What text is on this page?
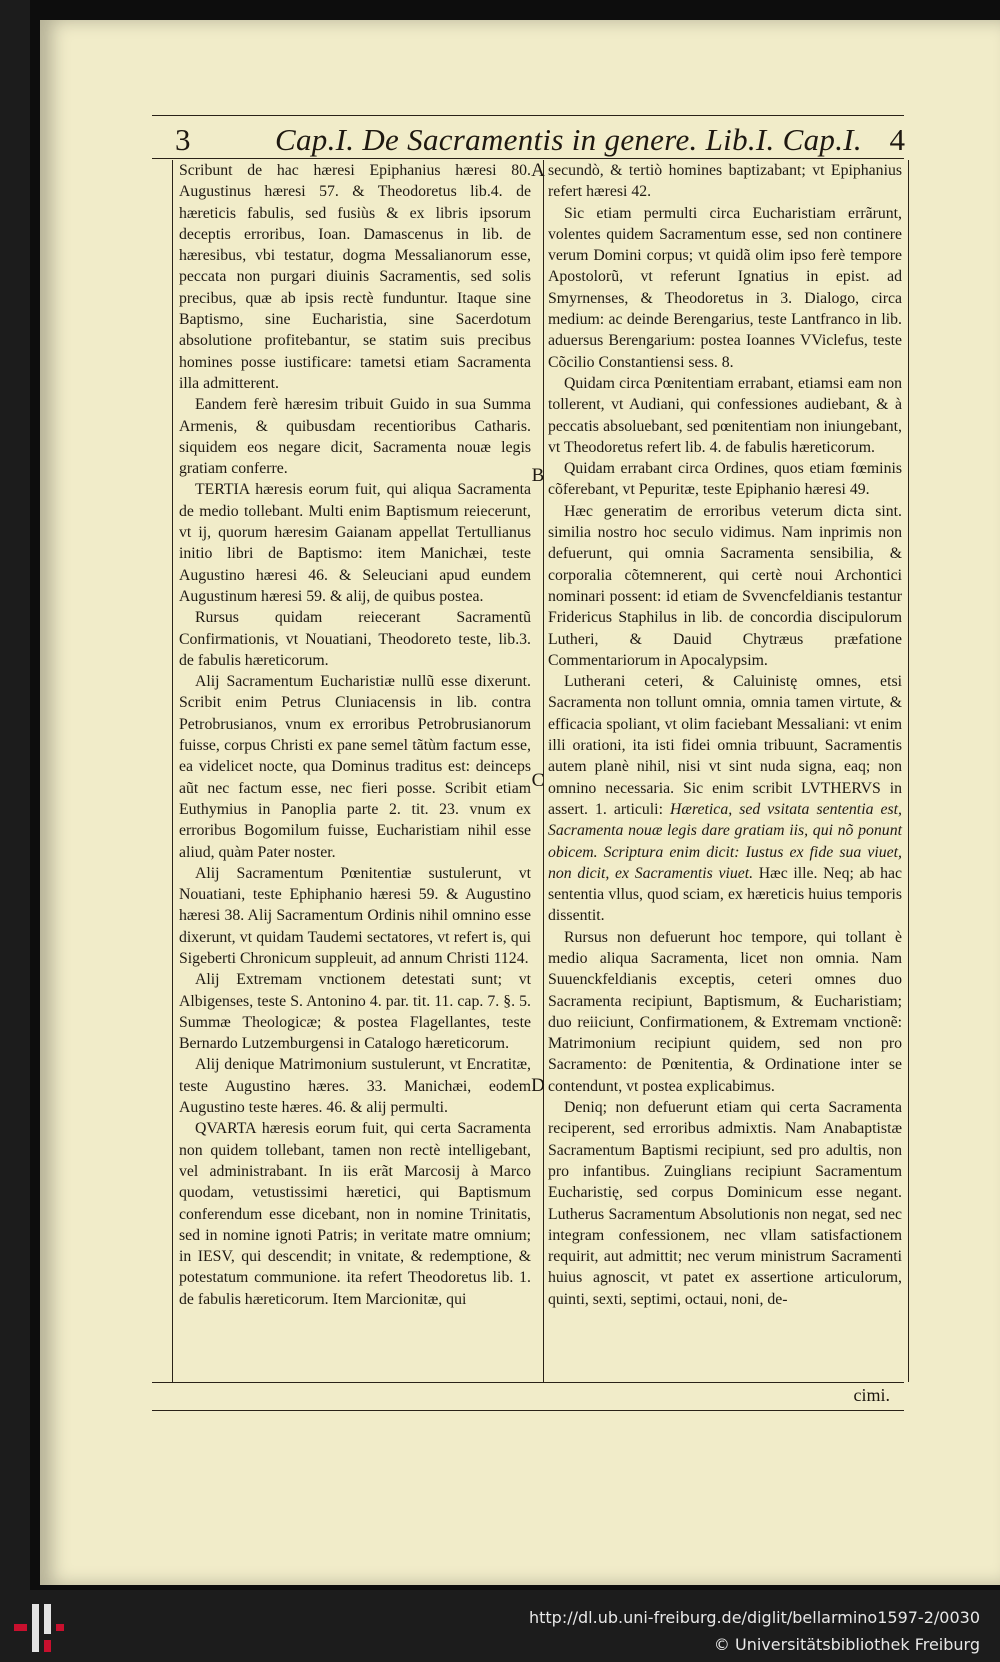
3	Cap.I. De Sacramentis in genere. Lib.I. Cap.I. 4

Scribunt de hac hæresi Epiphanius hæresi 80. Augustinus hæresi 57. & Theodoretus lib.4. de hæreticis fabulis, sed fusiùs & ex libris ipsorum deceptis erroribus, Ioan. Damascenus in lib. de hæresibus, vbi testatur, dogma Messalianorum esse, peccata non purgari diuinis Sacramentis, sed solis precibus, quæ ab ipsis rectè funduntur. Itaque sine Baptismo, sine Eucharistia, sine Sacerdotum absolutione profitebantur, se statim suis precibus homines posse iustificare: tametsi etiam Sacramenta illa admitterent.

Eandem ferè hæresim tribuit Guido in sua Summa Armenis, & quibusdam recentioribus Catharis. siquidem eos negare dicit, Sacramenta nouæ legis gratiam conferre.

TERTIA hæresis eorum fuit, qui aliqua Sacramenta de medio tollebant. Multi enim Baptismum reiecerunt, vt ij, quorum hæresim Gaianam appellat Tertullianus initio libri de Baptismo: item Manichæi, teste Augustino hæresi 46. & Seleuciani apud eundem Augustinum hæresi 59. & alij, de quibus postea.

Rursus quidam reiecerant Sacramentũ Confirmationis, vt Nouatiani, Theodoreto teste, lib.3. de fabulis hæreticorum.

Alij Sacramentum Eucharistiæ nullũ esse dixerunt. Scribit enim Petrus Cluniacensis in lib. contra Petrobrusianos, vnum ex erroribus Petrobrusianorum fuisse, corpus Christi ex pane semel tãtùm factum esse, ea videlicet nocte, qua Dominus traditus est: deinceps aũt nec factum esse, nec fieri posse. Scribit etiam Euthymius in Panoplia parte 2. tit. 23. vnum ex erroribus Bogomilum fuisse, Eucharistiam nihil esse aliud, quàm Pater noster.

Alij Sacramentum Pœnitentiæ sustulerunt, vt Nouatiani, teste Ephiphanio hæresi 59. & Augustino hæresi 38. Alij Sacramentum Ordinis nihil omnino esse dixerunt, vt quidam Taudemi sectatores, vt refert is, qui Sigeberti Chronicum suppleuit, ad annum Christi 1124.

Alij Extremam vnctionem detestati sunt; vt Albigenses, teste S. Antonino 4. par. tit. 11. cap. 7. §. 5. Summæ Theologicæ; & postea Flagellantes, teste Bernardo Lutzemburgensi in Catalogo hæreticorum.

Alij denique Matrimonium sustulerunt, vt Encratitæ, teste Augustino hæres. 33. Manichæi, eodem Augustino teste hæres. 46. & alij permulti.

QVARTA hæresis eorum fuit, qui certa Sacramenta non quidem tollebant, tamen non rectè intelligebant, vel administrabant. In iis erãt Marcosij à Marco quodam, vetustissimi hæretici, qui Baptismum conferendum esse dicebant, non in nomine Trinitatis, sed in nomine ignoti Patris; in veritate matre omnium; in IESV, qui descendit; in vnitate, & redemptione, & potestatum communione. ita refert Theodoretus lib. 1. de fabulis hæreticorum. Item Marcionitæ, qui

A
B
C
D

secundò, & tertiò homines baptizabant; vt Epiphanius refert hæresi 42.

Sic etiam permulti circa Eucharistiam errãrunt, volentes quidem Sacramentum esse, sed non continere verum Domini corpus; vt quidã olim ipso ferè tempore Apostolorũ, vt referunt Ignatius in epist. ad Smyrnenses, & Theodoretus in 3. Dialogo, circa medium: ac deinde Berengarius, teste Lantfranco in lib. aduersus Berengarium: postea Ioannes VViclefus, teste Cõcilio Constantiensi sess. 8.

Quidam circa Pœnitentiam errabant, etiamsi eam non tollerent, vt Audiani, qui confessiones audiebant, & à peccatis absoluebant, sed pœnitentiam non iniungebant, vt Theodoretus refert lib. 4. de fabulis hæreticorum.

Quidam errabant circa Ordines, quos etiam fœminis cõferebant, vt Pepuritæ, teste Epiphanio hæresi 49.

Hæc generatim de erroribus veterum dicta sint. similia nostro hoc seculo vidimus. Nam inprimis non defuerunt, qui omnia Sacramenta sensibilia, & corporalia cõtemnerent, qui certè noui Archontici nominari possent: id etiam de Svvencfeldianis testantur Fridericus Staphilus in lib. de concordia discipulorum Lutheri, & Dauid Chytræus præfatione Commentariorum in Apocalypsim.

Lutherani ceteri, & Caluinistę omnes, etsi Sacramenta non tollunt omnia, omnia tamen virtute, & efficacia spoliant, vt olim faciebant Messaliani: vt enim illi orationi, ita isti fidei omnia tribuunt, Sacramentis autem planè nihil, nisi vt sint nuda signa, eaq; non omnino necessaria. Sic enim scribit LVTHERVS in assert. 1. articuli: Hæretica, sed vsitata sententia est, Sacramenta nouæ legis dare gratiam iis, qui nõ ponunt obicem. Scriptura enim dicit: Iustus ex fide sua viuet, non dicit, ex Sacramentis viuet. Hæc ille. Neq; ab hac sententia vllus, quod sciam, ex hæreticis huius temporis dissentit.

Rursus non defuerunt hoc tempore, qui tollant è medio aliqua Sacramenta, licet non omnia. Nam Suuenckfeldianis exceptis, ceteri omnes duo Sacramenta recipiunt, Baptismum, & Eucharistiam; duo reiiciunt, Confirmationem, & Extremam vnctionẽ: Matrimonium recipiunt quidem, sed non pro Sacramento: de Pœnitentia, & Ordinatione inter se contendunt, vt postea explicabimus.

Deniq; non defuerunt etiam qui certa Sacramenta reciperent, sed erroribus admixtis. Nam Anabaptistæ Sacramentum Baptismi recipiunt, sed pro adultis, non pro infantibus. Zuinglians recipiunt Sacramentum Eucharistię, sed corpus Dominicum esse negant. Lutherus Sacramentum Absolutionis non negat, sed nec integram confessionem, nec vllam satisfactionem requirit, aut admittit; nec verum ministrum Sacramenti huius agnoscit, vt patet ex assertione articulorum, quinti, sexti, septimi, octaui, noni, de-

cimi.
http://dl.ub.uni-freiburg.de/diglit/bellarmino1597-2/0030
© Universitätsbibliothek Freiburg
